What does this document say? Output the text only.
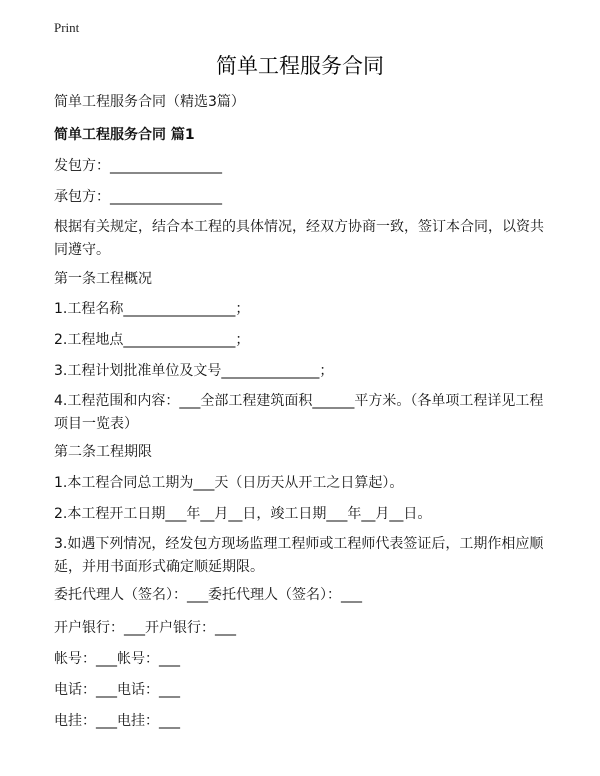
Print
简单工程服务合同

简单工程服务合同（精选3篇）

简单工程服务合同 篇1

发包方：________________

承包方：________________

根据有关规定，结合本工程的具体情况，经双方协商一致，签订本合同，以资共同遵守。

第一条工程概况

1.工程名称________________；

2.工程地点________________；

3.工程计划批准单位及文号______________；

4.工程范围和内容：___全部工程建筑面积______平方米。（各单项工程详见工程项目一览表）

第二条工程期限

1.本工程合同总工期为___天（日历天从开工之日算起）。

2.本工程开工日期___年__月__日，竣工日期___年__月__日。

3.如遇下列情况，经发包方现场监理工程师或工程师代表签证后，工期作相应顺延，并用书面形式确定顺延期限。

委托代理人（签名）：___委托代理人（签名）：___

开户银行：___开户银行：___

帐号：___帐号：___

电话：___电话：___

电挂：___电挂：___
